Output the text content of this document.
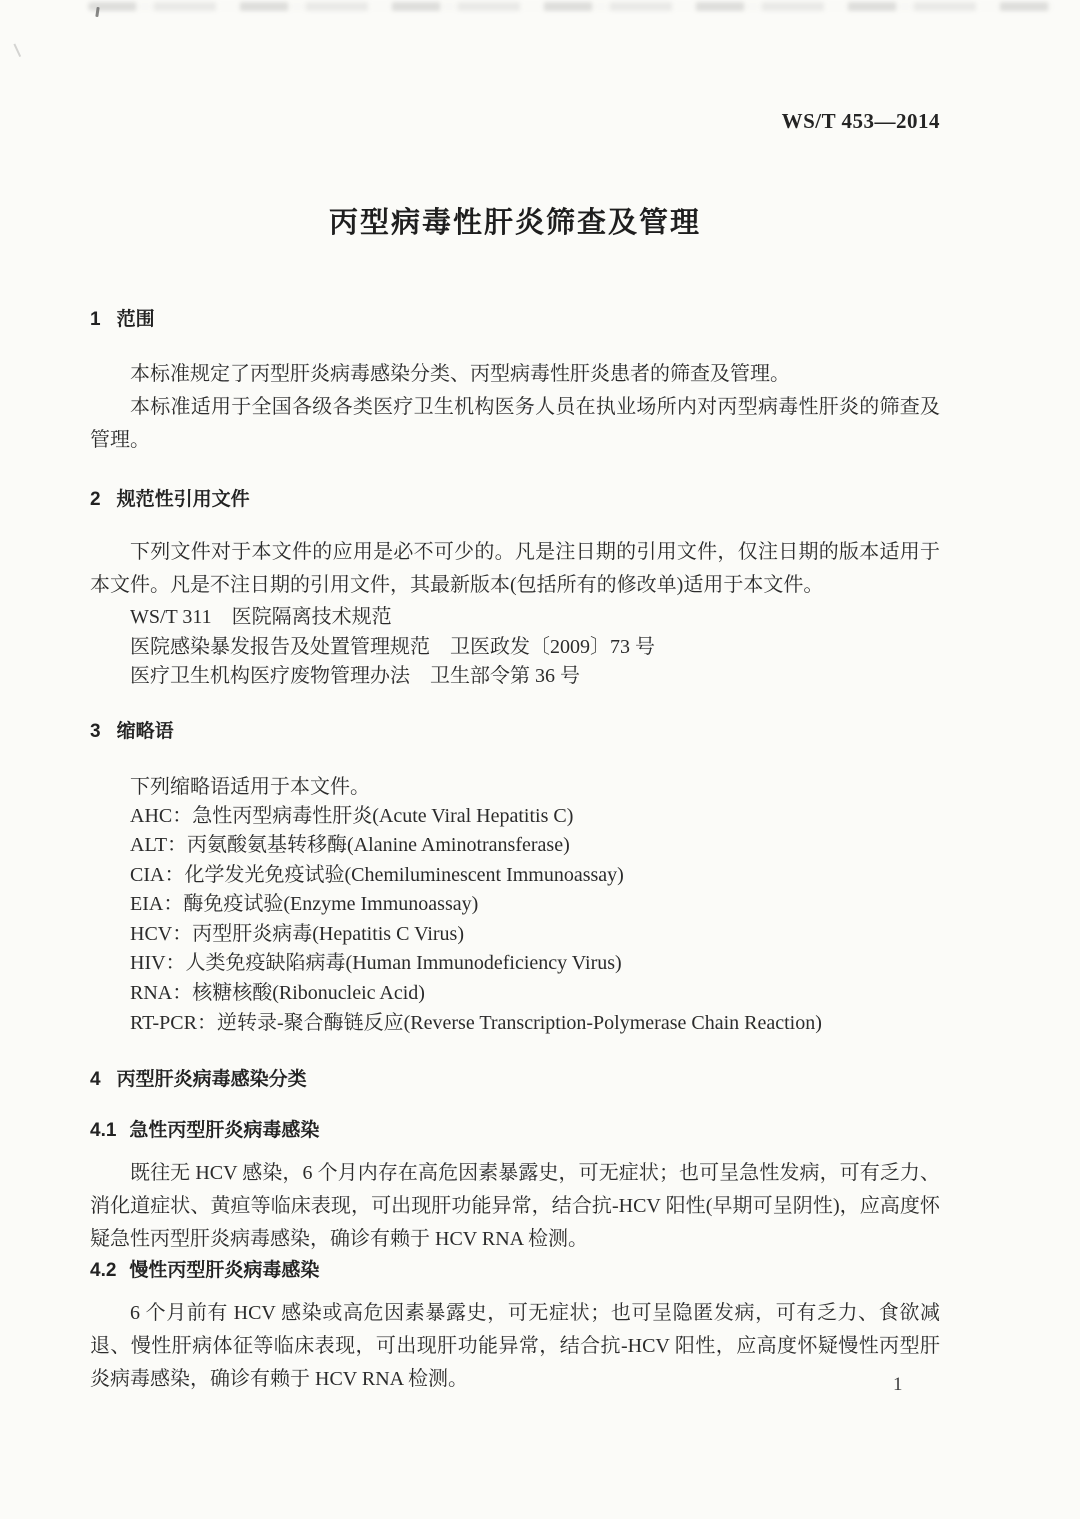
WS/T 453—2014
丙型病毒性肝炎筛查及管理
1 范围

本标准规定了丙型肝炎病毒感染分类、丙型病毒性肝炎患者的筛查及管理。

本标准适用于全国各级各类医疗卫生机构医务人员在执业场所内对丙型病毒性肝炎的筛查及管理。

2 规范性引用文件

下列文件对于本文件的应用是必不可少的。凡是注日期的引用文件，仅注日期的版本适用于本文件。凡是不注日期的引用文件，其最新版本(包括所有的修改单)适用于本文件。

WS/T 311　医院隔离技术规范
医院感染暴发报告及处置管理规范　卫医政发〔2009〕73 号
医疗卫生机构医疗废物管理办法　卫生部令第 36 号
3 缩略语
下列缩略语适用于本文件。
AHC：急性丙型病毒性肝炎(Acute Viral Hepatitis C)
ALT：丙氨酸氨基转移酶(Alanine Aminotransferase)
CIA：化学发光免疫试验(Chemiluminescent Immunoassay)
EIA：酶免疫试验(Enzyme Immunoassay)
HCV：丙型肝炎病毒(Hepatitis C Virus)
HIV：人类免疫缺陷病毒(Human Immunodeficiency Virus)
RNA：核糖核酸(Ribonucleic Acid)
RT-PCR：逆转录-聚合酶链反应(Reverse Transcription-Polymerase Chain Reaction)
4 丙型肝炎病毒感染分类
4.1 急性丙型肝炎病毒感染

既往无 HCV 感染，6 个月内存在高危因素暴露史，可无症状；也可呈急性发病，可有乏力、消化道症状、黄疸等临床表现，可出现肝功能异常，结合抗-HCV 阳性(早期可呈阴性)，应高度怀疑急性丙型肝炎病毒感染，确诊有赖于 HCV RNA 检测。

4.2 慢性丙型肝炎病毒感染

6 个月前有 HCV 感染或高危因素暴露史，可无症状；也可呈隐匿发病，可有乏力、食欲减退、慢性肝病体征等临床表现，可出现肝功能异常，结合抗-HCV 阳性，应高度怀疑慢性丙型肝炎病毒感染，确诊有赖于 HCV RNA 检测。	1
